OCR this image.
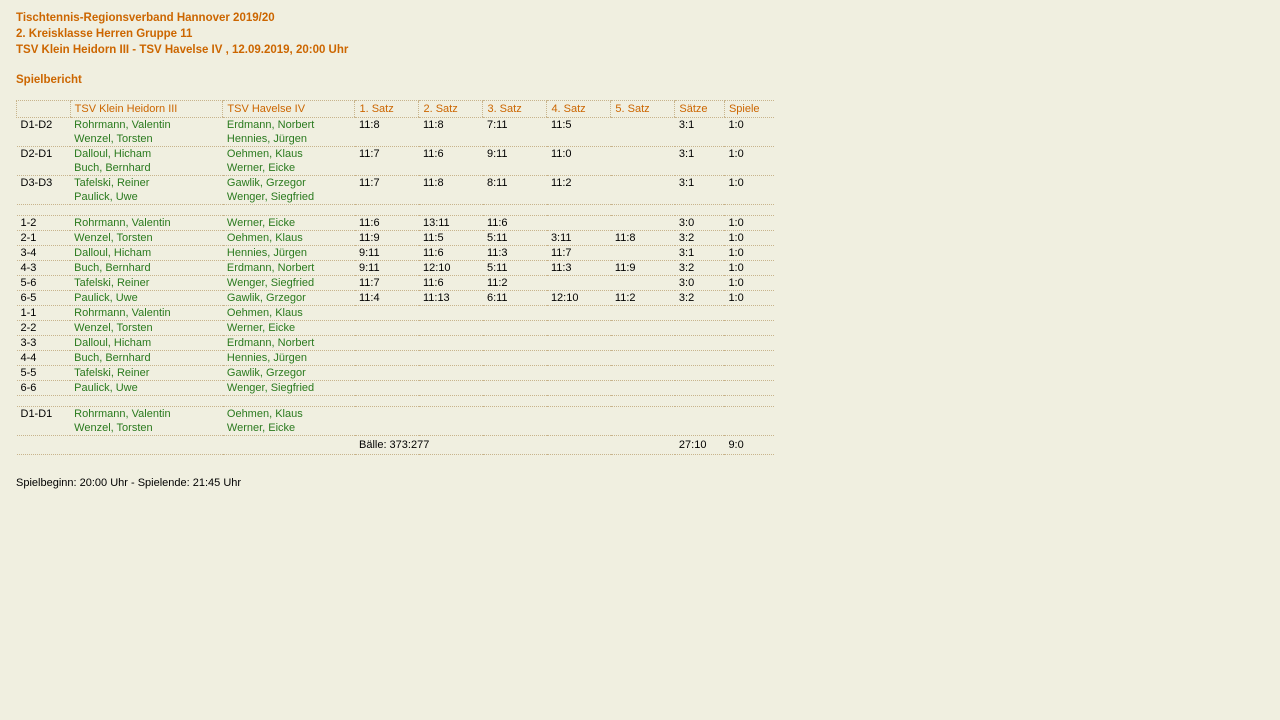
Tischtennis-Regionsverband Hannover 2019/20
2. Kreisklasse Herren Gruppe 11
TSV Klein Heidorn III - TSV Havelse IV , 12.09.2019, 20:00 Uhr
Spielbericht
	TSV Klein Heidorn III	TSV Havelse IV	1. Satz	2. Satz	3. Satz	4. Satz	5. Satz	Sätze	Spiele
D1-D2	Rohrmann, Valentin	Erdmann, Norbert	11:8	11:8	7:11	11:5		3:1	1:0
	Wenzel, Torsten	Hennies, Jürgen							
D2-D1	Dalloul, Hicham	Oehmen, Klaus	11:7	11:6	9:11	11:0		3:1	1:0
	Buch, Bernhard	Werner, Eicke							
D3-D3	Tafelski, Reiner	Gawlik, Grzegor	11:7	11:8	8:11	11:2		3:1	1:0
	Paulick, Uwe	Wenger, Siegfried							

1-2	Rohrmann, Valentin	Werner, Eicke	11:6	13:11	11:6			3:0	1:0
2-1	Wenzel, Torsten	Oehmen, Klaus	11:9	11:5	5:11	3:11	11:8	3:2	1:0
3-4	Dalloul, Hicham	Hennies, Jürgen	9:11	11:6	11:3	11:7		3:1	1:0
4-3	Buch, Bernhard	Erdmann, Norbert	9:11	12:10	5:11	11:3	11:9	3:2	1:0
5-6	Tafelski, Reiner	Wenger, Siegfried	11:7	11:6	11:2			3:0	1:0
6-5	Paulick, Uwe	Gawlik, Grzegor	11:4	11:13	6:11	12:10	11:2	3:2	1:0
1-1	Rohrmann, Valentin	Oehmen, Klaus							
2-2	Wenzel, Torsten	Werner, Eicke							
3-3	Dalloul, Hicham	Erdmann, Norbert							
4-4	Buch, Bernhard	Hennies, Jürgen							
5-5	Tafelski, Reiner	Gawlik, Grzegor							
6-6	Paulick, Uwe	Wenger, Siegfried							

D1-D1	Rohrmann, Valentin	Oehmen, Klaus							
	Wenzel, Torsten	Werner, Eicke							
			Bälle: 373:277					27:10	9:0
Spielbeginn: 20:00 Uhr - Spielende: 21:45 Uhr
